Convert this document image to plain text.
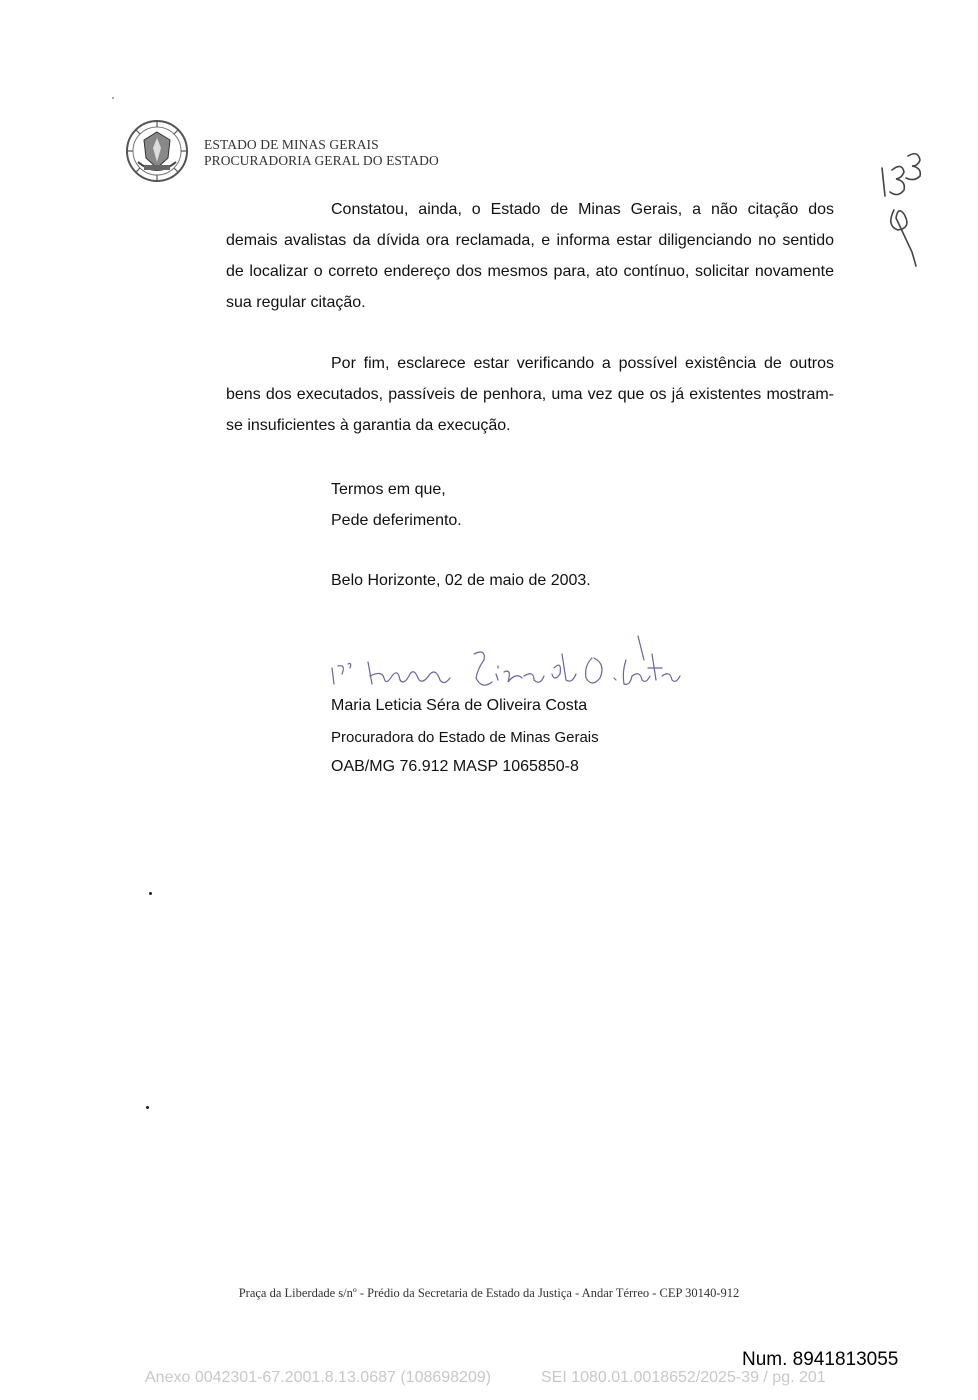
ESTADO DE MINAS GERAIS
PROCURADORIA GERAL DO ESTADO
Constatou, ainda, o Estado de Minas Gerais, a não citação dos demais avalistas da dívida ora reclamada, e informa estar diligenciando no sentido de localizar o correto endereço dos mesmos para, ato contínuo, solicitar novamente sua regular citação.
Por fim, esclarece estar verificando a possível existência de outros bens dos executados, passíveis de penhora, uma vez que os já existentes mostram-se insuficientes à garantia da execução.
Termos em que,
Pede deferimento.
Belo Horizonte, 02 de maio de 2003.
Maria Leticia Séra de Oliveira Costa
Procuradora do Estado de Minas Gerais
OAB/MG 76.912 MASP 1065850-8
Praça da Liberdade s/nº - Prédio da Secretaria de Estado da Justiça - Andar Térreo - CEP 30140-912
Num. 8941813055
Anexo 0042301-67.2001.8.13.0687 (108698209)	SEI 1080.01.0018652/2025-39 / pg. 201
